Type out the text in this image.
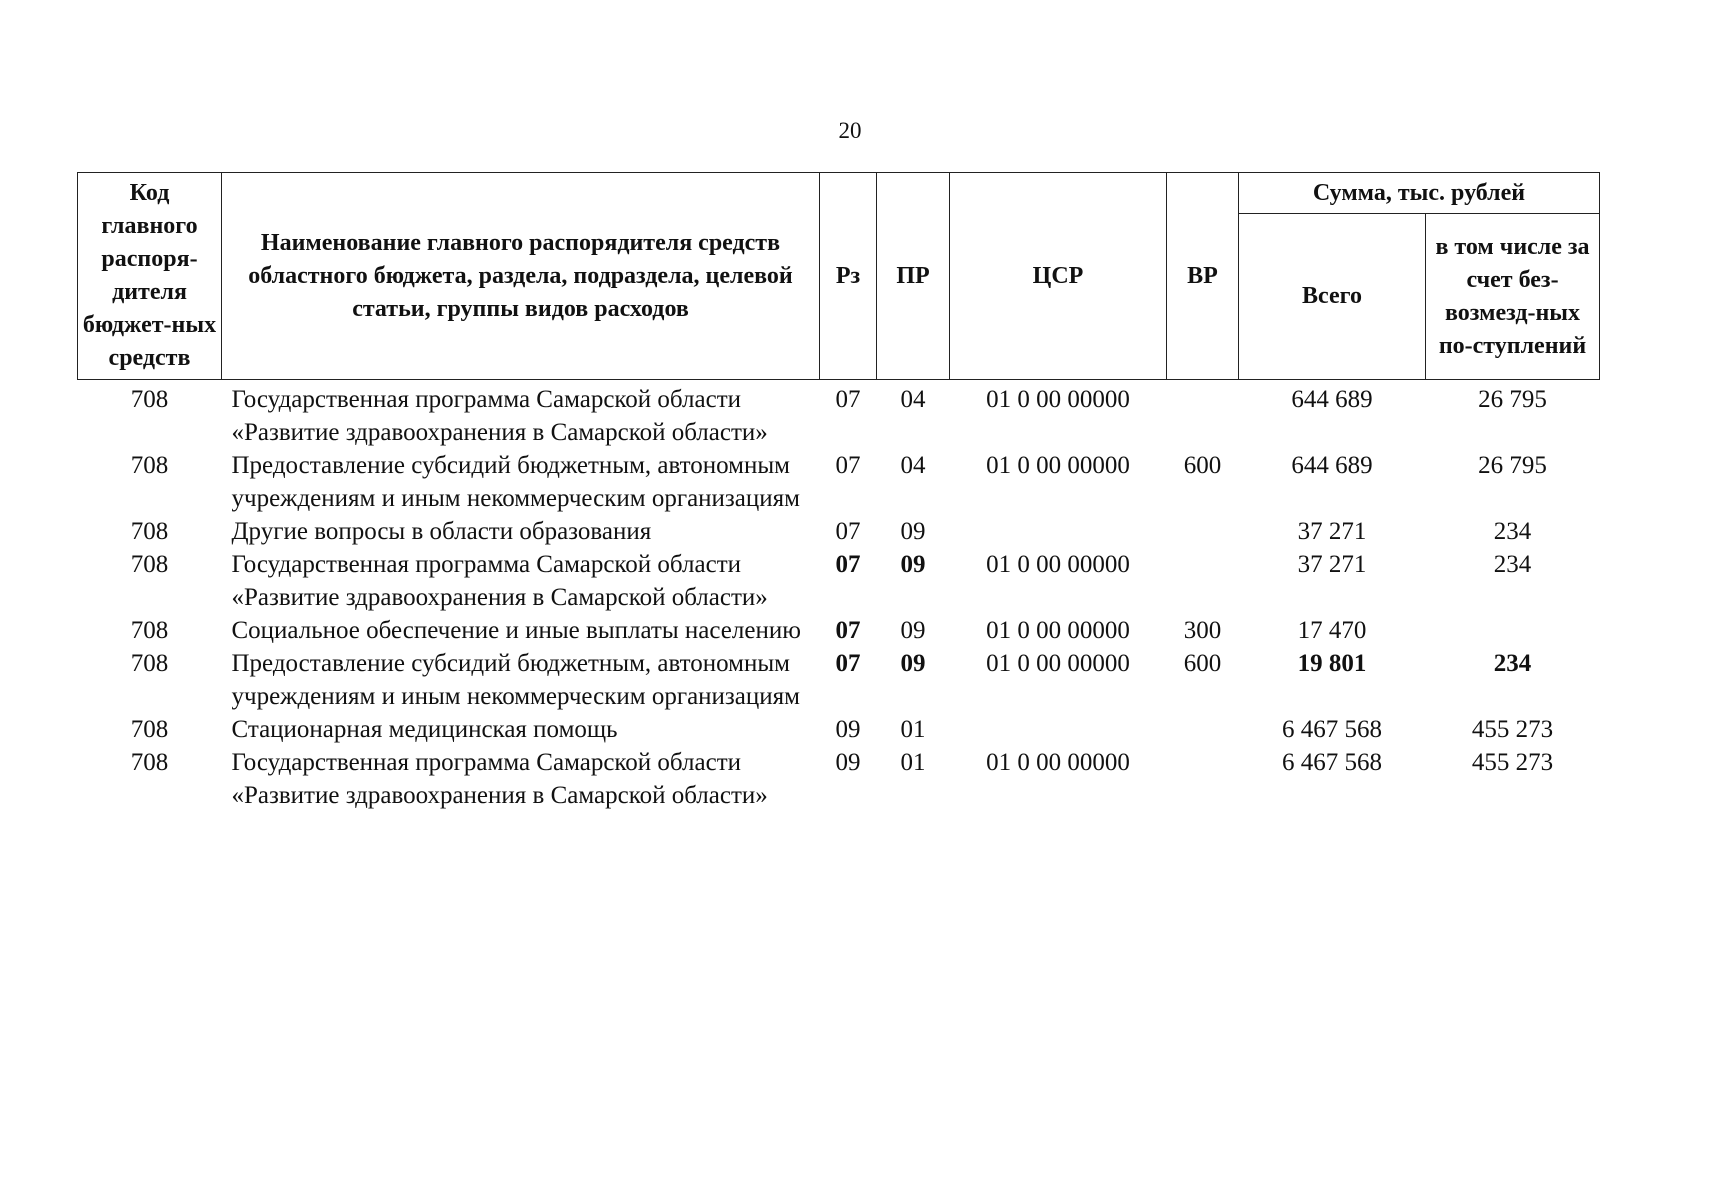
20
Код главного распоря-дителя бюджет-ных средств	Наименование главного распорядителя средств областного бюджета, раздела, подраздела, целевой статьи, группы видов расходов	Рз	ПР	ЦСР	ВР	Сумма, тыс. рублей	
						Всего	в том числе за счет без-возмезд-ных по-ступлений
708	Государственная программа Самарской области «Развитие здравоохранения в Самарской области»	07	04	01 0 00 00000		644 689	26 795
708	Предоставление субсидий бюджетным, автономным учреждениям и иным некоммерческим организациям	07	04	01 0 00 00000	600	644 689	26 795
708	Другие вопросы в области образования	07	09			37 271	234
708	Государственная программа Самарской области «Развитие здравоохранения в Самарской области»	07	09	01 0 00 00000		37 271	234
708	Социальное обеспечение и иные выплаты населению	07	09	01 0 00 00000	300	17 470	
708	Предоставление субсидий бюджетным, автономным учреждениям и иным некоммерческим организациям	07	09	01 0 00 00000	600	19 801	234
708	Стационарная медицинская помощь	09	01			6 467 568	455 273
708	Государственная программа Самарской области «Развитие здравоохранения в Самарской области»	09	01	01 0 00 00000		6 467 568	455 273
